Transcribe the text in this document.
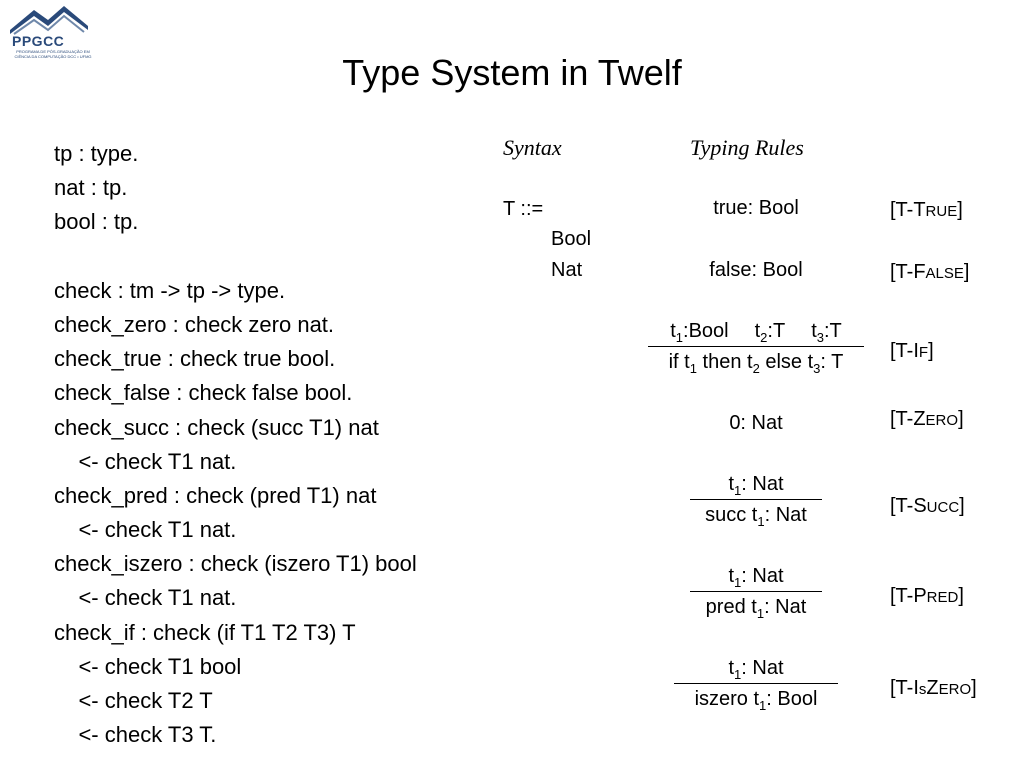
PPGCC
PROGRAMA DE PÓS-GRADUAÇÃO EM CIÊNCIA DA COMPUTAÇÃO DCC • UFMG	Type System in Twelf
tp : type.
nat : tp.
bool : tp.
check : tm -> tp -> type.
check_zero : check zero nat.
check_true : check true bool.
check_false : check false bool.
check_succ : check (succ T1) nat
<- check T1 nat.
check_pred : check (pred T1) nat
<- check T1 nat.
check_iszero : check (iszero T1) bool
<- check T1 nat.
check_if : check (if T1 T2 T3) T
<- check T1 bool
<- check T2 T
<- check T3 T.
Syntax	Typing Rules
T ::=
Bool
Nat
true: Bool	[T-TRUE]
false: Bool	[T-FALSE]
$t_1:Bool$ $t_2:T$ $t_3:T$
if $t_1$ then $t_2$ else $t_3$: T	[T-IF]
0: Nat	[T-ZERO]
$t_1$: Nat
succ $t_1$: Nat	[T-SUCC]
$t_1$: Nat
pred $t_1$: Nat	[T-PRED]
$t_1$: Nat
iszero $t_1$: Bool	[T-IsZERO]
